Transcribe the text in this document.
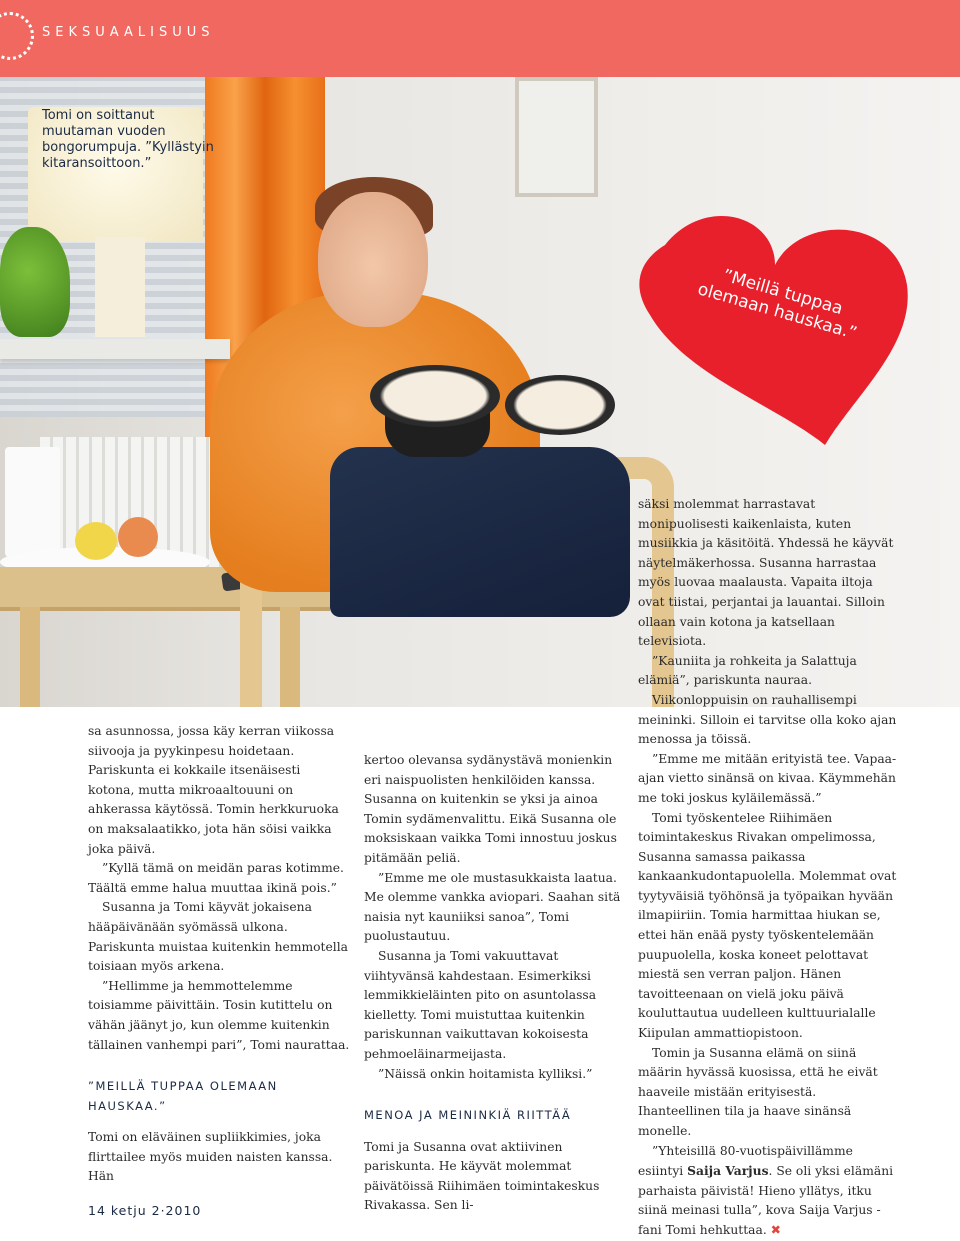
SEKSUAALISUUS
Tomi on soittanut muutaman vuoden bongorumpuja. ”Kyllästyin kitaransoittoon.”
”Meillä tuppaa olemaan hauskaa.”

sa asunnossa, jossa käy kerran viikossa siivooja ja pyykinpesu hoidetaan. Pariskunta ei kokkaile itsenäisesti kotona, mutta mikroaaltouuni on ahkerassa käytössä. Tomin herkkuruoka on maksalaatikko, jota hän söisi vaikka joka päivä.

”Kyllä tämä on meidän paras kotimme. Täältä emme halua muuttaa ikinä pois.”

Susanna ja Tomi käyvät jokaisena hääpäivänään syömässä ulkona. Pariskunta muistaa kuitenkin hemmotella toisiaan myös arkena.

”Hellimme ja hemmottelemme toisiamme päivittäin. Tosin kutittelu on vähän jäänyt jo, kun olemme kuitenkin tällainen vanhempi pari”, Tomi naurattaa.

”MEILLÄ TUPPAA OLEMAAN HAUSKAA.”

Tomi on eläväinen supliikkimies, joka flirttailee myös muiden naisten kanssa. Hän

kertoo olevansa sydänystävä monienkin eri naispuolisten henkilöiden kanssa. Susanna on kuitenkin se yksi ja ainoa Tomin sydämenvalittu. Eikä Susanna ole moksiskaan vaikka Tomi innostuu joskus pitämään peliä.

”Emme me ole mustasukkaista laatua. Me olemme vankka aviopari. Saahan sitä naisia nyt kauniiksi sanoa”, Tomi puolustautuu.

Susanna ja Tomi vakuuttavat viihtyvänsä kahdestaan. Esimerkiksi lemmikkieläinten pito on asuntolassa kielletty. Tomi muistuttaa kuitenkin pariskunnan vaikuttavan kokoisesta pehmoeläinarmeijasta.

”Näissä onkin hoitamista kylliksi.”

MENOA JA MEININKIÄ RIITTÄÄ

Tomi ja Susanna ovat aktiivinen pariskunta. He käyvät molemmat päivätöissä Riihimäen toimintakeskus Rivakassa. Sen li-

säksi molemmat harrastavat monipuolisesti kaikenlaista, kuten musiikkia ja käsitöitä. Yhdessä he käyvät näytelmäkerhossa. Susanna harrastaa myös luovaa maalausta. Vapaita iltoja ovat tiistai, perjantai ja lauantai. Silloin ollaan vain kotona ja katsellaan televisiota.

”Kauniita ja rohkeita ja Salattuja elämiä”, pariskunta nauraa.

Viikonloppuisin on rauhallisempi meininki. Silloin ei tarvitse olla koko ajan menossa ja töissä.

”Emme me mitään erityistä tee. Vapaa-ajan vietto sinänsä on kivaa. Käymmehän me toki joskus kyläilemässä.”

Tomi työskentelee Riihimäen toimintakeskus Rivakan ompelimossa, Susanna samassa paikassa kankaankudontapuolella. Molemmat ovat tyytyväisiä työhönsä ja työpaikan hyvään ilmapiiriin. Tomia harmittaa hiukan se, ettei hän enää pysty työskentelemään puupuolella, koska koneet pelottavat miestä sen verran paljon. Hänen tavoitteenaan on vielä joku päivä kouluttautua uudelleen kulttuurialalle Kiipulan ammattiopistoon.

Tomin ja Susanna elämä on siinä määrin hyvässä kuosissa, että he eivät haaveile mistään erityisestä. Ihanteellinen tila ja haave sinänsä monelle.

”Yhteisillä 80-vuotispäivillämme esiintyi Saija Varjus. Se oli yksi elämäni parhaista päivistä! Hieno yllätys, itku siinä meinasi tulla”, kova Saija Varjus -fani Tomi hehkuttaa. ✖

14 ketju 2·2010
